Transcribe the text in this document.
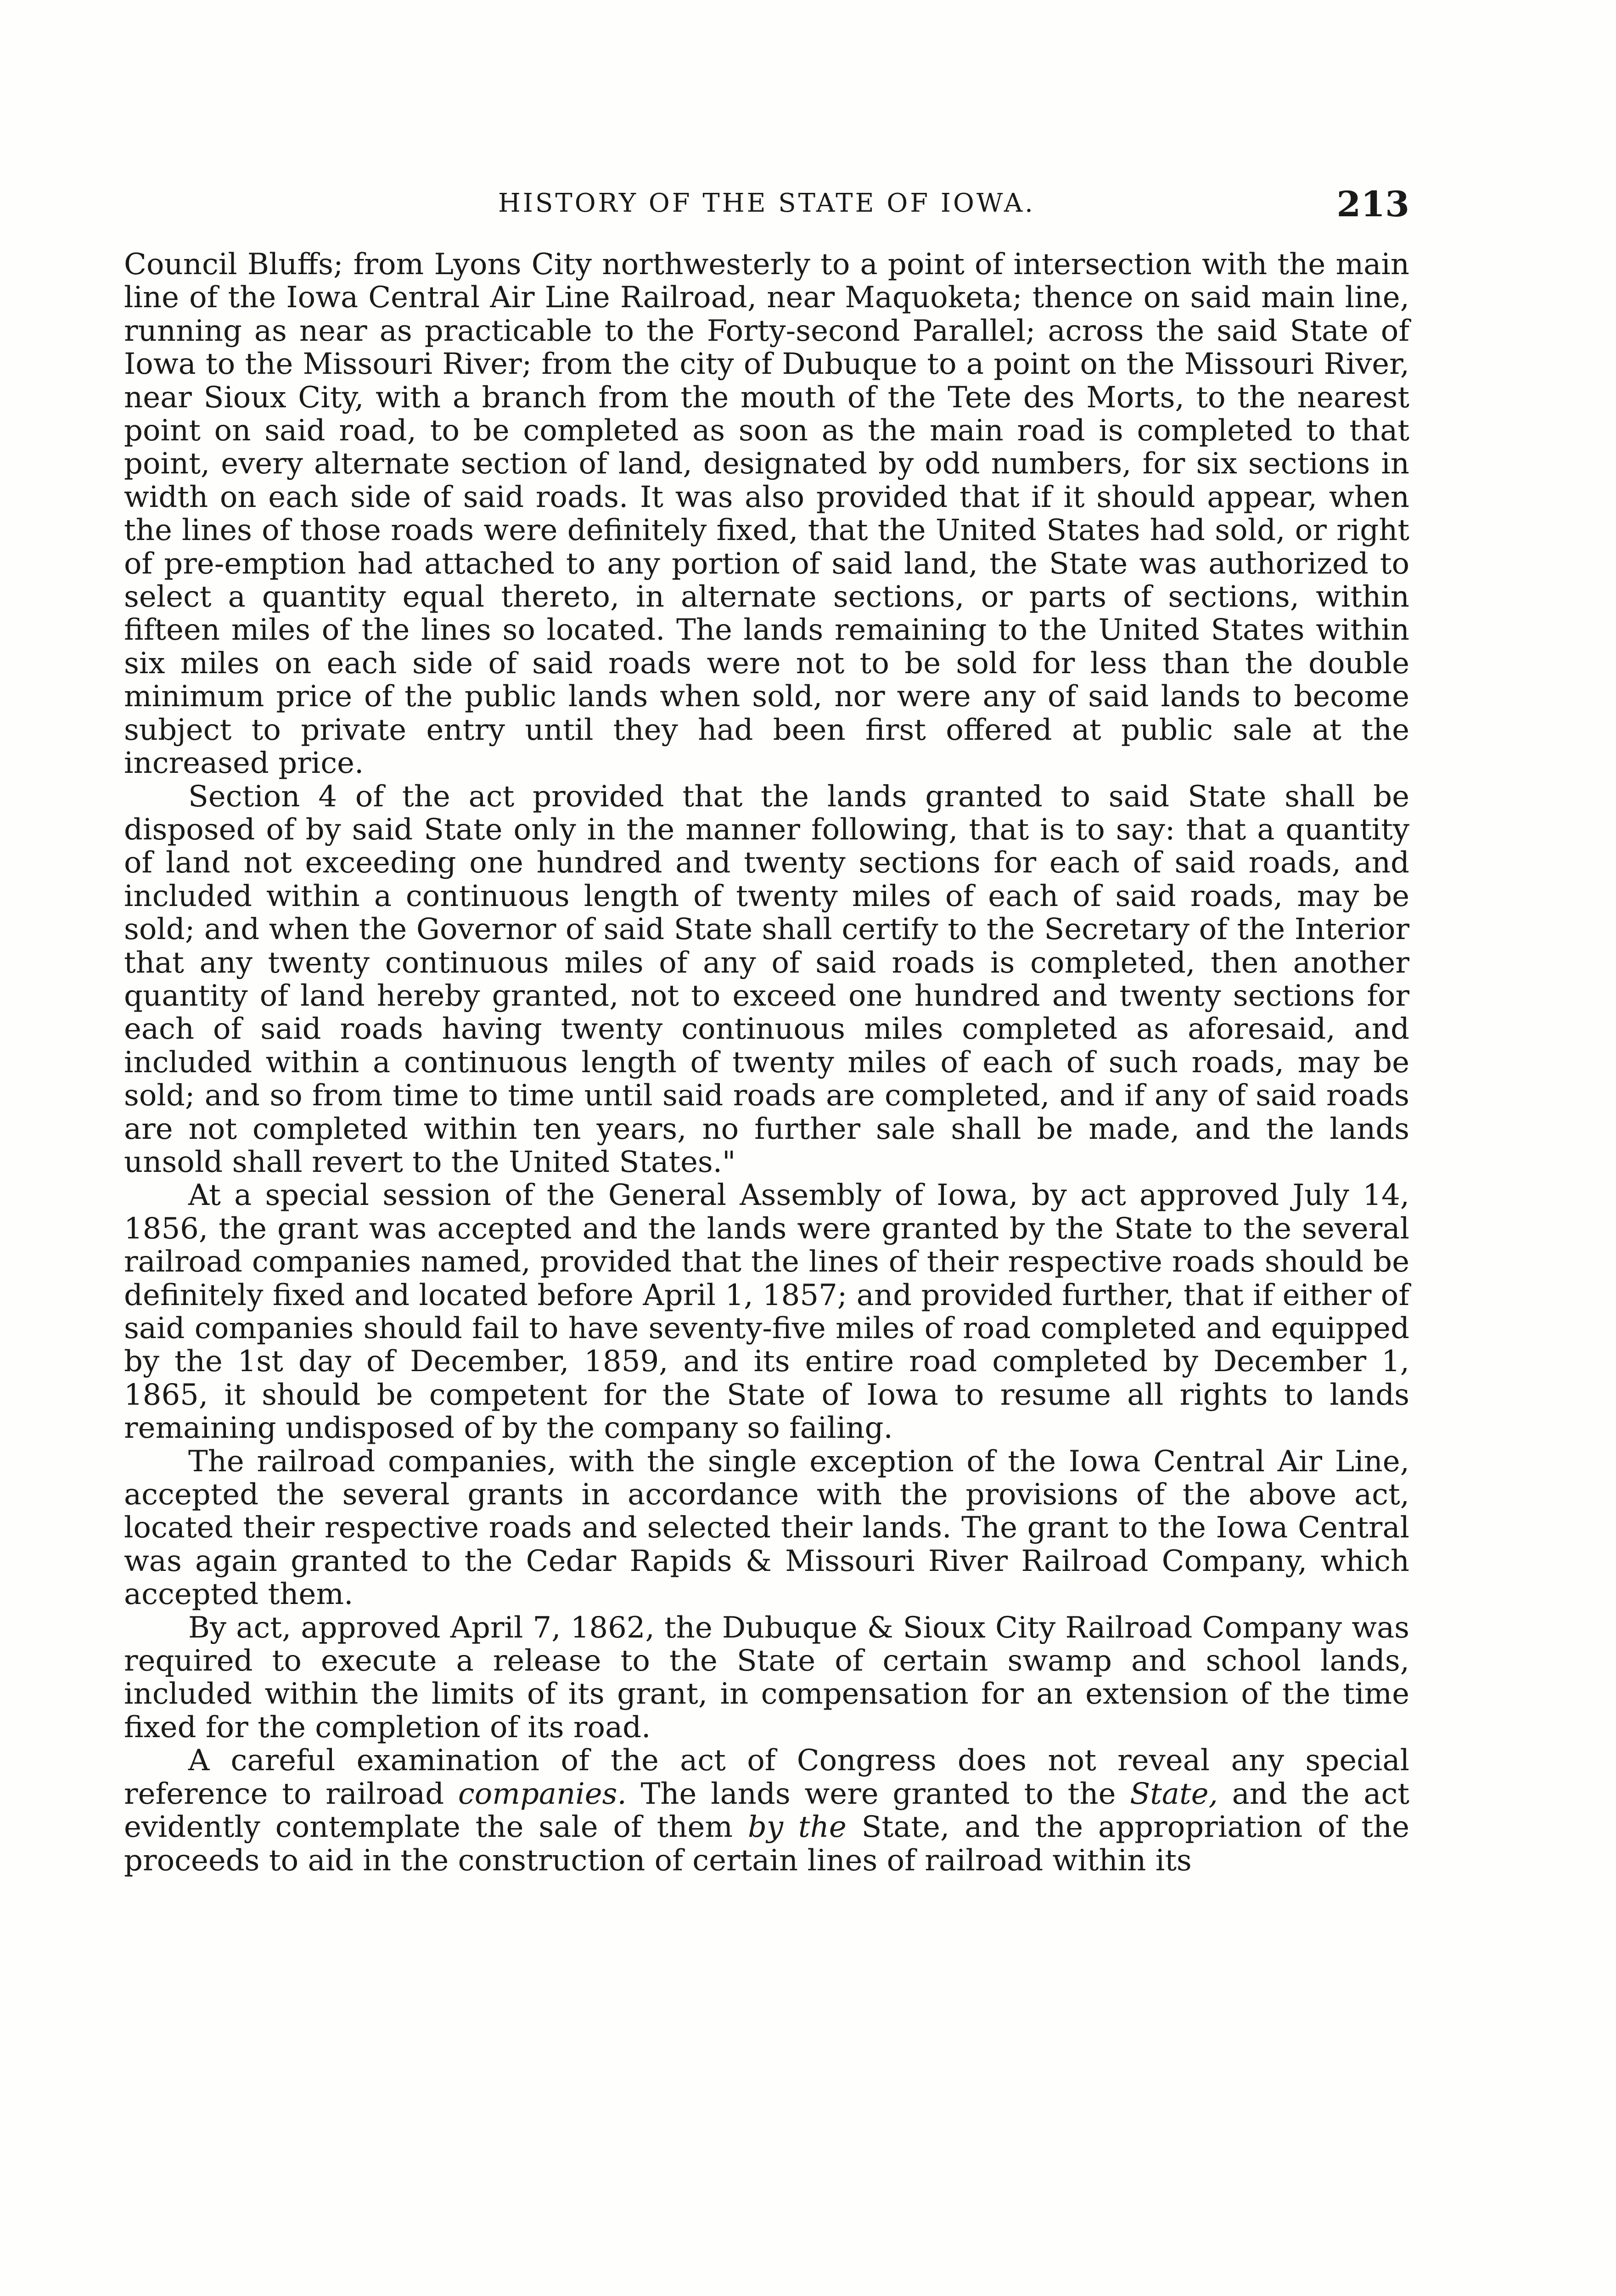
HISTORY OF THE STATE OF IOWA.	213

Council Bluffs; from Lyons City northwesterly to a point of intersection with the main line of the Iowa Central Air Line Railroad, near Maquoketa; thence on said main line, running as near as practicable to the Forty-second Parallel; across the said State of Iowa to the Missouri River; from the city of Dubuque to a point on the Missouri River, near Sioux City, with a branch from the mouth of the Tete des Morts, to the nearest point on said road, to be completed as soon as the main road is completed to that point, every alternate section of land, designated by odd numbers, for six sections in width on each side of said roads. It was also provided that if it should appear, when the lines of those roads were definitely fixed, that the United States had sold, or right of pre-emption had attached to any portion of said land, the State was authorized to select a quantity equal thereto, in alternate sections, or parts of sections, within fifteen miles of the lines so located. The lands remaining to the United States within six miles on each side of said roads were not to be sold for less than the double minimum price of the public lands when sold, nor were any of said lands to become subject to private entry until they had been first offered at public sale at the increased price.

Section 4 of the act provided that the lands granted to said State shall be disposed of by said State only in the manner following, that is to say: that a quantity of land not exceeding one hundred and twenty sections for each of said roads, and included within a continuous length of twenty miles of each of said roads, may be sold; and when the Governor of said State shall certify to the Secretary of the Interior that any twenty continuous miles of any of said roads is completed, then another quantity of land hereby granted, not to exceed one hundred and twenty sections for each of said roads having twenty continuous miles completed as aforesaid, and included within a continuous length of twenty miles of each of such roads, may be sold; and so from time to time until said roads are completed, and if any of said roads are not completed within ten years, no further sale shall be made, and the lands unsold shall revert to the United States."

At a special session of the General Assembly of Iowa, by act approved July 14, 1856, the grant was accepted and the lands were granted by the State to the several railroad companies named, provided that the lines of their respective roads should be definitely fixed and located before April 1, 1857; and provided further, that if either of said companies should fail to have seventy-five miles of road completed and equipped by the 1st day of December, 1859, and its entire road completed by December 1, 1865, it should be competent for the State of Iowa to resume all rights to lands remaining undisposed of by the company so failing.

The railroad companies, with the single exception of the Iowa Central Air Line, accepted the several grants in accordance with the provisions of the above act, located their respective roads and selected their lands. The grant to the Iowa Central was again granted to the Cedar Rapids & Missouri River Railroad Company, which accepted them.

By act, approved April 7, 1862, the Dubuque & Sioux City Railroad Company was required to execute a release to the State of certain swamp and school lands, included within the limits of its grant, in compensation for an extension of the time fixed for the completion of its road.

A careful examination of the act of Congress does not reveal any special reference to railroad companies. The lands were granted to the State, and the act evidently contemplate the sale of them by the State, and the appropriation of the proceeds to aid in the construction of certain lines of railroad within its
